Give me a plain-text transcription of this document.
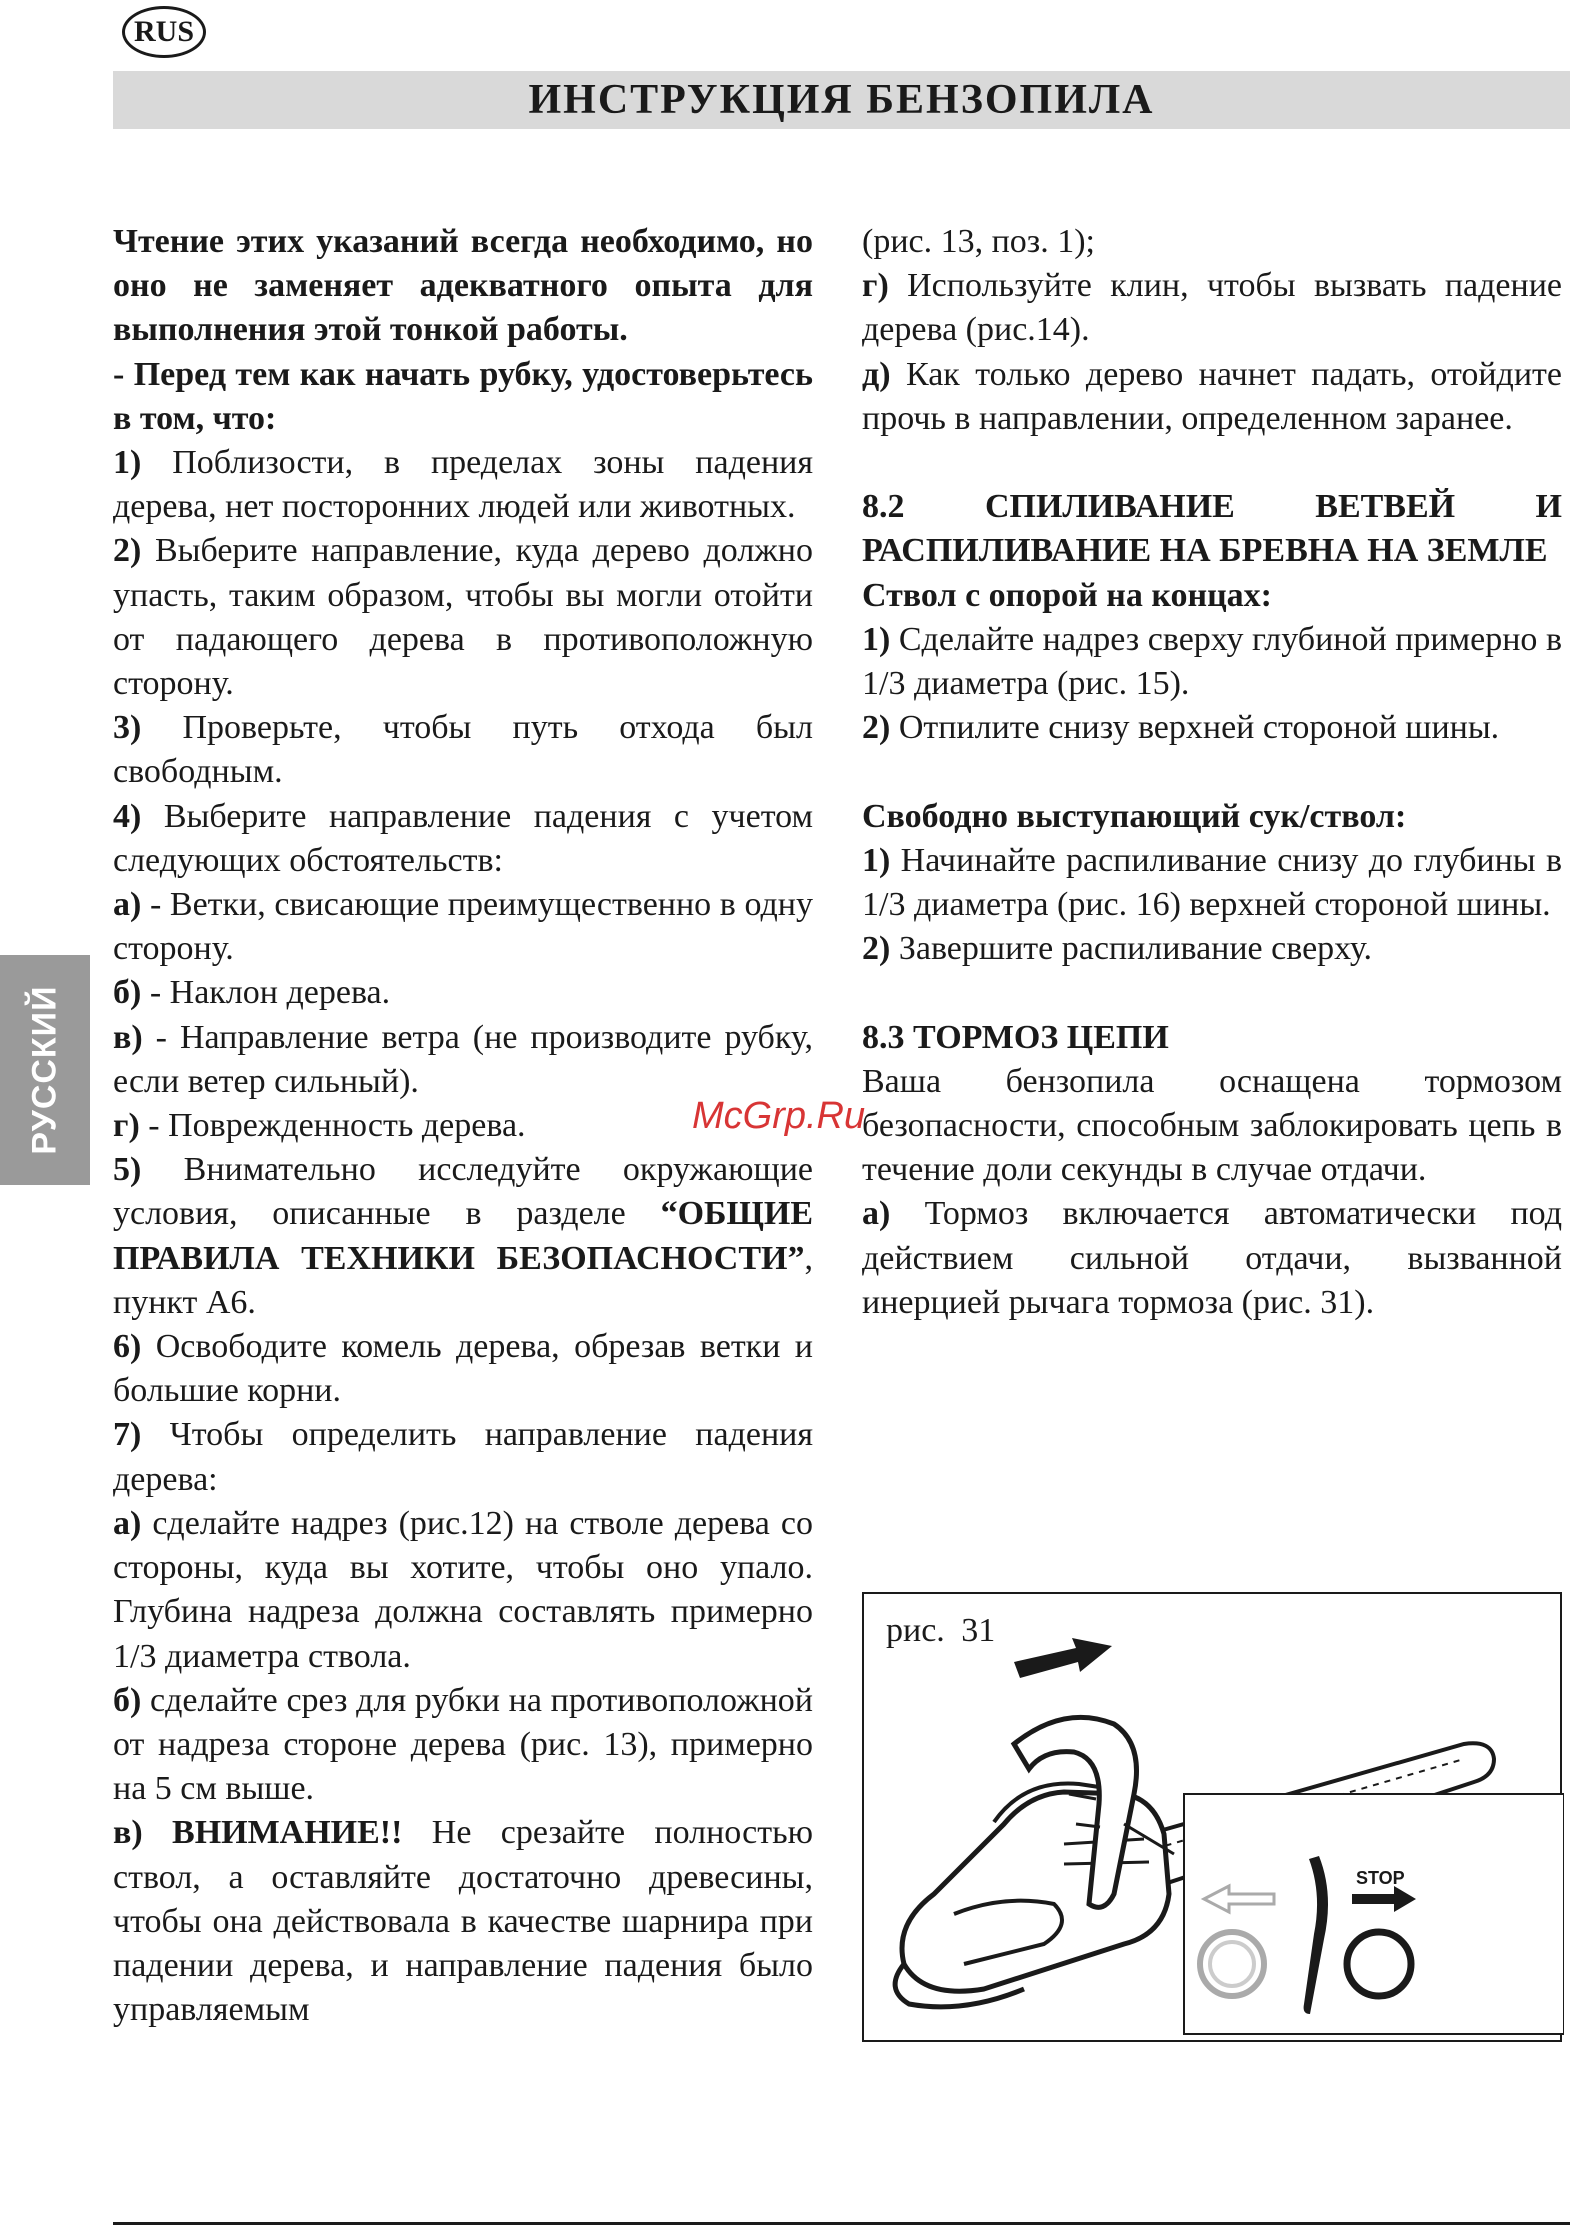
RUS
ИНСТРУКЦИЯ БЕНЗОПИЛА
РУССКИЙ

Чтение этих указаний всегда необходимо, но оно не заменяет адекватного опыта для выполнения этой тонкой работы.

- Перед тем как начать рубку, удостоверьтесь в том, что:

1) Поблизости, в пределах зоны падения дерева, нет посторонних людей или животных.

2) Выберите направление, куда дерево должно упасть, таким образом, чтобы вы могли отойти от падающего дерева в противоположную сторону.

3) Проверьте, чтобы путь отхода был свободным.

4) Выберите направление падения с учетом следующих обстоятельств:

а) - Ветки, свисающие преимущественно в одну сторону.

б) - Наклон дерева.

в) - Направление ветра (не производите рубку, если ветер сильный).

г) - Поврежденность дерева.

5) Внимательно исследуйте окружающие условия, описанные в разделе “ОБЩИЕ ПРАВИЛА ТЕХНИКИ БЕЗОПАСНОСТИ”, пункт А6.

6) Освободите комель дерева, обрезав ветки и большие корни.

7) Чтобы определить направление падения дерева:

а) сделайте надрез (рис.12) на стволе дерева со стороны, куда вы хотите, чтобы оно упало. Глубина надреза должна составлять примерно 1/3 диаметра ствола.

б) сделайте срез для рубки на противоположной от надреза стороне дерева (рис. 13), примерно на 5 см выше.

в) ВНИМАНИЕ!! Не срезайте полностью ствол, а оставляйте достаточно древесины, чтобы она действовала в качестве шарнира при падении дерева, и направление падения было управляемым

(рис. 13, поз. 1);

г) Используйте клин, чтобы вызвать падение дерева (рис.14).

д) Как только дерево начнет падать, отойдите прочь в направлении, определенном заранее.

8.2 СПИЛИВАНИЕ ВЕТВЕЙ И РАСПИЛИВАНИЕ НА БРЕВНА НА ЗЕМЛЕ

Ствол с опорой на концах:

1) Сделайте надрез сверху глубиной примерно в 1/3 диаметра (рис. 15).

2) Отпилите снизу верхней стороной шины.

Свободно выступающий сук/ствол:

1) Начинайте распиливание снизу до глубины в 1/3 диаметра (рис. 16) верхней стороной шины.

2) Завершите распиливание сверху.

8.3 ТОРМОЗ ЦЕПИ

Ваша бензопила оснащена тормозом безопасности, способным заблокировать цепь в течение доли секунды в случае отдачи.

а) Тормоз включается автоматически под действием сильной отдачи, вызванной инерцией рычага тормоза (рис. 31).

рис. 31
STOP
McGrp.Ru
